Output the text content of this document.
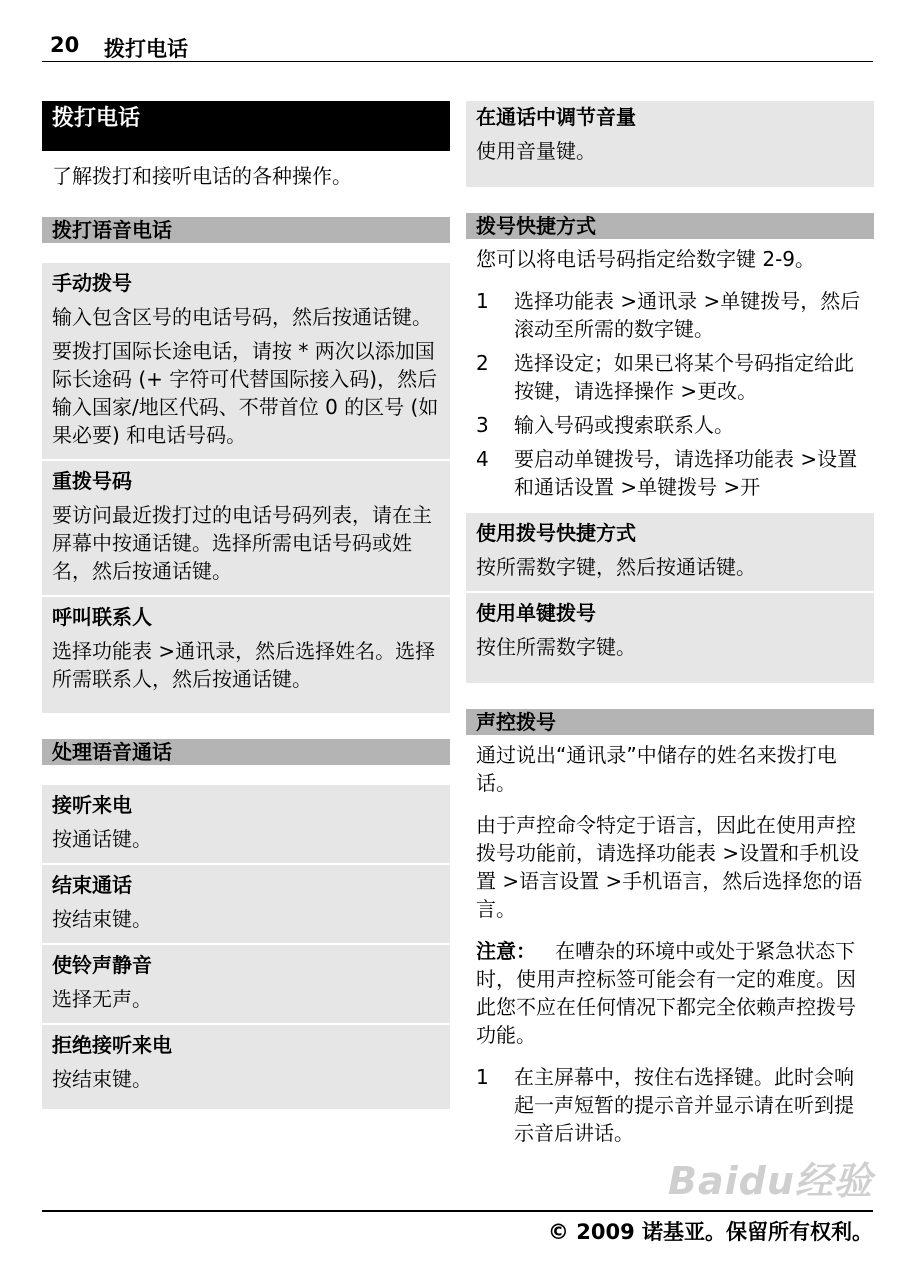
20 拨打电话
拨打电话
了解拨打和接听电话的各种操作。
拨打语音电话
手动拨号

输入包含区号的电话号码，然后按通话键。

要拨打国际长途电话，请按 * 两次以添加国际长途码 (+ 字符可代替国际接入码)，然后输入国家/地区代码、不带首位 0 的区号 (如果必要) 和电话号码。

重拨号码

要访问最近拨打过的电话号码列表，请在主屏幕中按通话键。选择所需电话号码或姓名，然后按通话键。

呼叫联系人

选择功能表 >通讯录，然后选择姓名。选择所需联系人，然后按通话键。

处理语音通话
接听来电

按通话键。

结束通话

按结束键。

使铃声静音

选择无声。

拒绝接听来电

按结束键。

在通话中调节音量

使用音量键。

拨号快捷方式

您可以将电话号码指定给数字键 2-9。

1 选择功能表 >通讯录 >单键拨号，然后滚动至所需的数字键。
2 选择设定；如果已将某个号码指定给此按键，请选择操作 >更改。
3 输入号码或搜索联系人。
4 要启动单键拨号，请选择功能表 >设置和通话设置 >单键拨号 >开
使用拨号快捷方式

按所需数字键，然后按通话键。

使用单键拨号

按住所需数字键。

声控拨号

通过说出“通讯录”中储存的姓名来拨打电话。

由于声控命令特定于语言，因此在使用声控拨号功能前，请选择功能表 >设置和手机设置 >语言设置 >手机语言，然后选择您的语言。

注意： 在嘈杂的环境中或处于紧急状态下时，使用声控标签可能会有一定的难度。因此您不应在任何情况下都完全依赖声控拨号功能。

1 在主屏幕中，按住右选择键。此时会响起一声短暂的提示音并显示请在听到提示音后讲话。
Baidu经验
© 2009 诺基亚。保留所有权利。
